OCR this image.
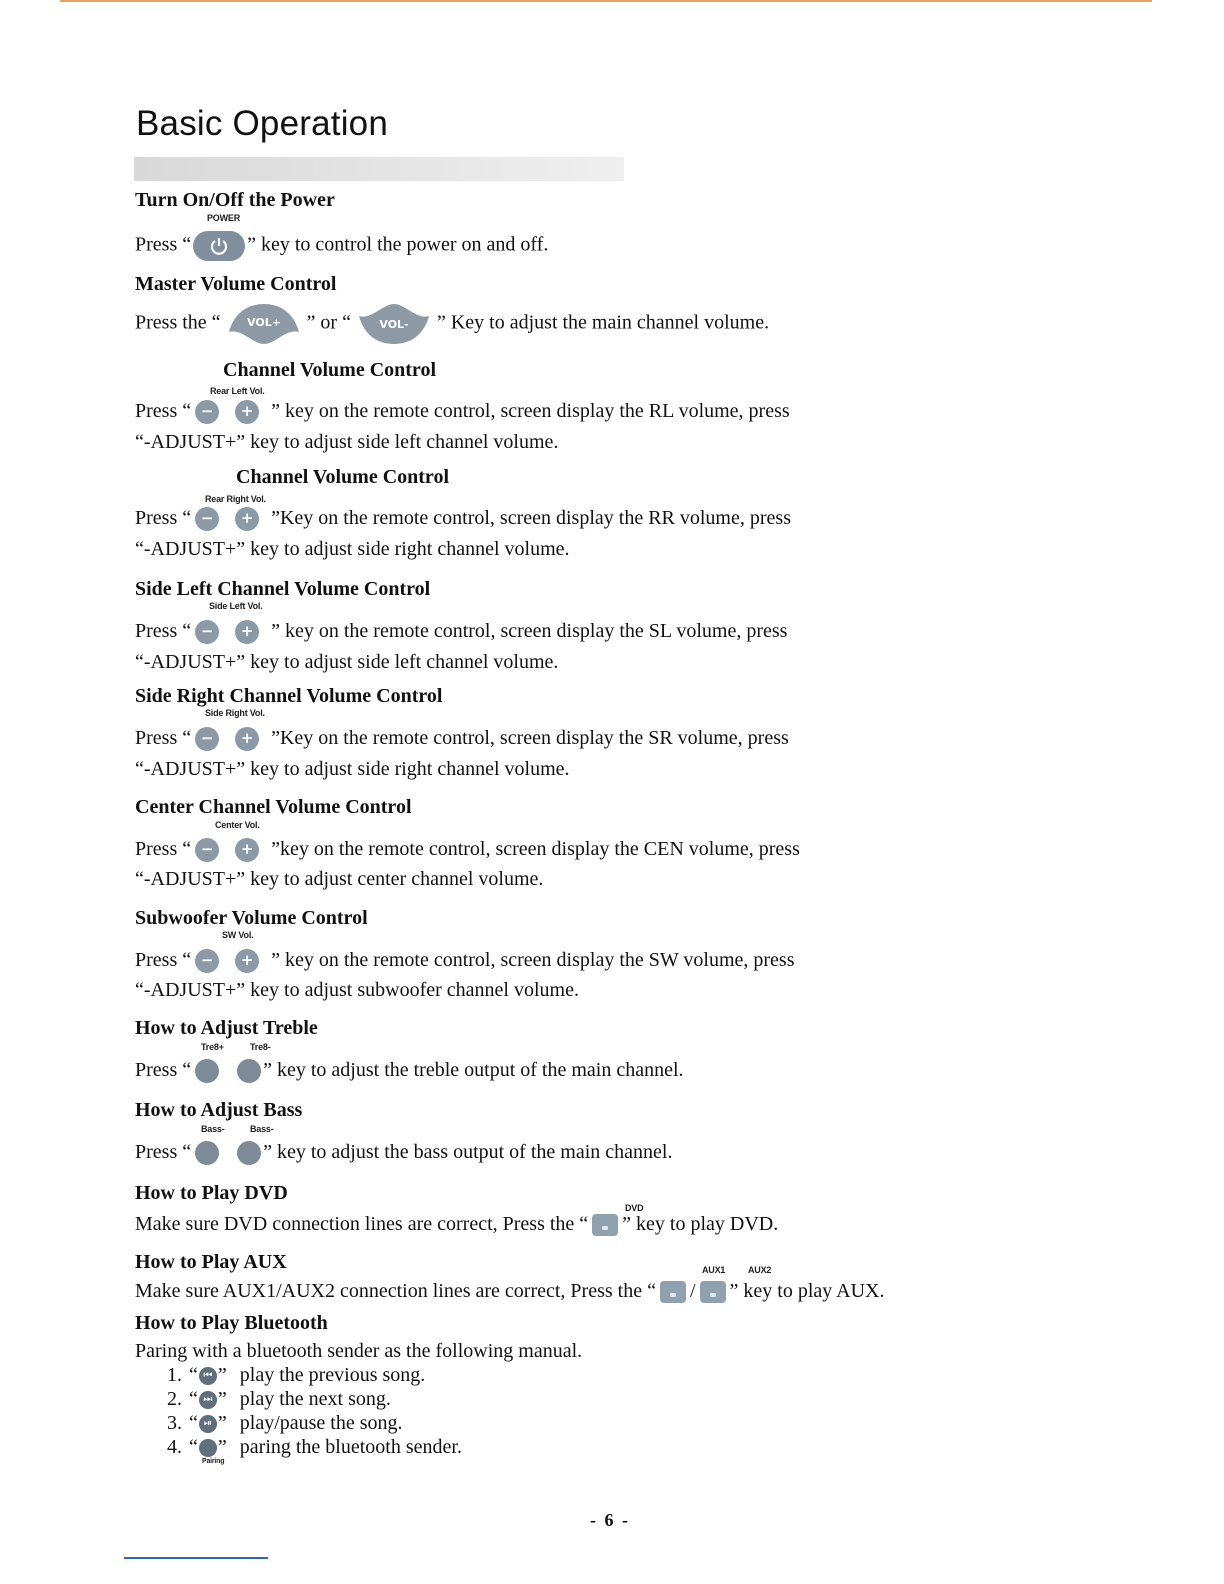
Basic Operation
Turn On/Off the Power
POWER
Press “	” key to control the power on and off.
Master Volume Control
Press the “ VOL+ ” or “	VOL- ” Key to adjust the main channel volume.
Channel Volume Control
Rear Left Vol.
Press “ −	+ ” key on the remote control, screen display the RL volume, press
“-ADJUST+” key to adjust side left channel volume.
Channel Volume Control
Rear Right Vol.
Press “ −	+ ”Key on the remote control, screen display the RR volume, press
“-ADJUST+” key to adjust side right channel volume.
Side Left Channel Volume Control
Side Left Vol.
Press “ −	+ ” key on the remote control, screen display the SL volume, press
“-ADJUST+” key to adjust side left channel volume.
Side Right Channel Volume Control
Side Right Vol.
Press “ −	+ ”Key on the remote control, screen display the SR volume, press
“-ADJUST+” key to adjust side right channel volume.
Center Channel Volume Control
Center Vol.
Press “ −	+ ”key on the remote control, screen display the CEN volume, press
“-ADJUST+” key to adjust center channel volume.
Subwoofer Volume Control
SW Vol.
Press “ −	+ ” key on the remote control, screen display the SW volume, press
“-ADJUST+” key to adjust subwoofer channel volume.
How to Adjust Treble
Tre8+	Tre8-
Press “	” key to adjust the treble output of the main channel.
How to Adjust Bass
Bass-	Bass-
Press “	” key to adjust the bass output of the main channel.
How to Play DVD
DVD
Make sure DVD connection lines are correct, Press the “ ” key to play DVD.
How to Play AUX	AUX1	AUX2
Make sure AUX1/AUX2 connection lines are correct, Press the “ / ” key to play AUX.
How to Play Bluetooth
Paring with a bluetooth sender as the following manual.
1. “ ⏮ ” play the previous song.
2. “ ⏭ ” play the next song.
3. “ ⏯ ” play/pause the song.
4. “ ” paring the bluetooth sender.
Pairing
- 6 -
